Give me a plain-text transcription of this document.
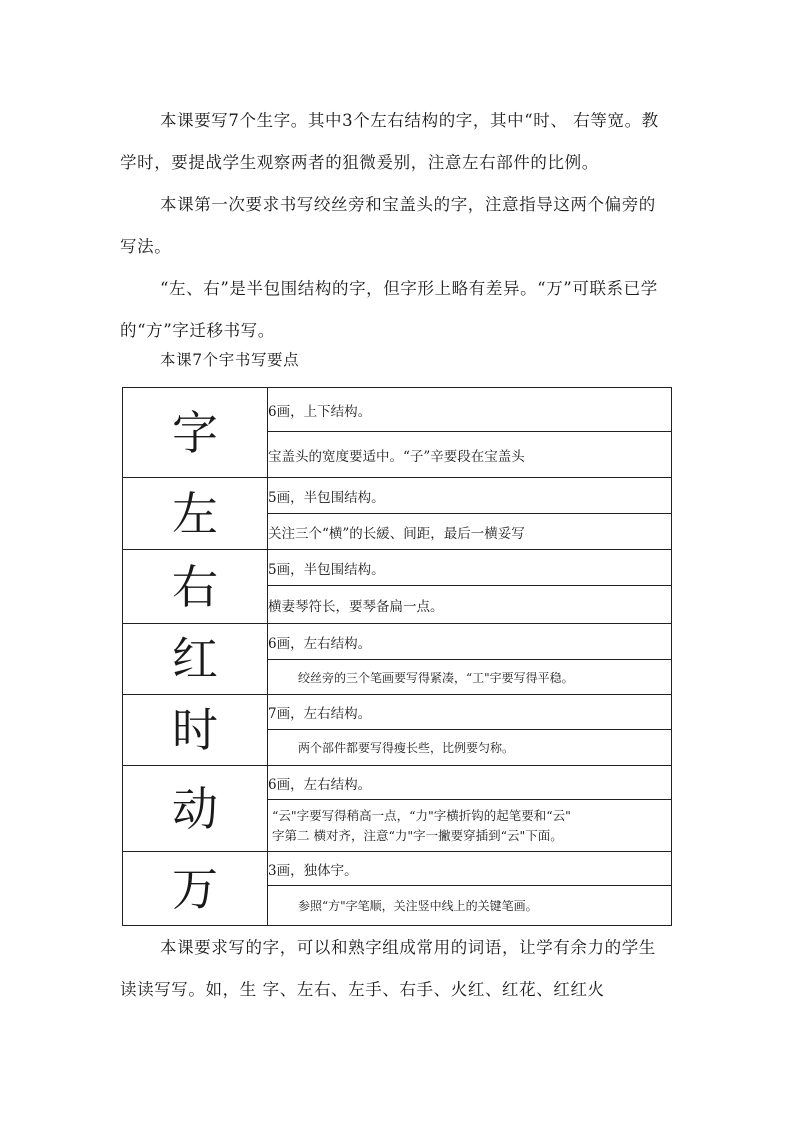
本课要写7个生字。其中3个左右结构的字，其中“时、 右等宽。教学时，要提战学生观察两者的狙微爰别，注意左右部件的比例。

本课第一次要求书写绞丝旁和宝盖头的字，注意指导这两个偏旁的写法。

“左、右”是半包围结构的字，但字形上略有差异。“万”可联系已学的“方”字迁移书写。

本课7个宇书写要点

字	6画，上下结构。
	宝盖头的宽度要适中。“子”辛要段在宝盖头
左	5画，半包围结构。
	关注三个“横”的长緩、间距，最后一横妥写
右	5画，半包围结构。
	横妻琴符长，要琴备扁一点。
红	6画，左右结构。
	绞丝旁的三个笔画要写得紧凑，“工"宇要写得平稳。
时	7画，左右结构。
	两个部件都要写得瘦长些，比例要匀称。
动	6画，左右结构。

	“云"字要写得稍高一点，“力"字横折钩的起笔要和“云"
字第二 横对齐，注意“力"字一撇要穿插到“云"下面。

万	3画，独体宇。
	参照“方"字笔顺，关注竖中线上的关键笔画。

本课要求写的字，可以和熟字组成常用的词语，让学有余力的学生读读写写。如，生 字、左右、左手、右手、火红、红花、红红火
